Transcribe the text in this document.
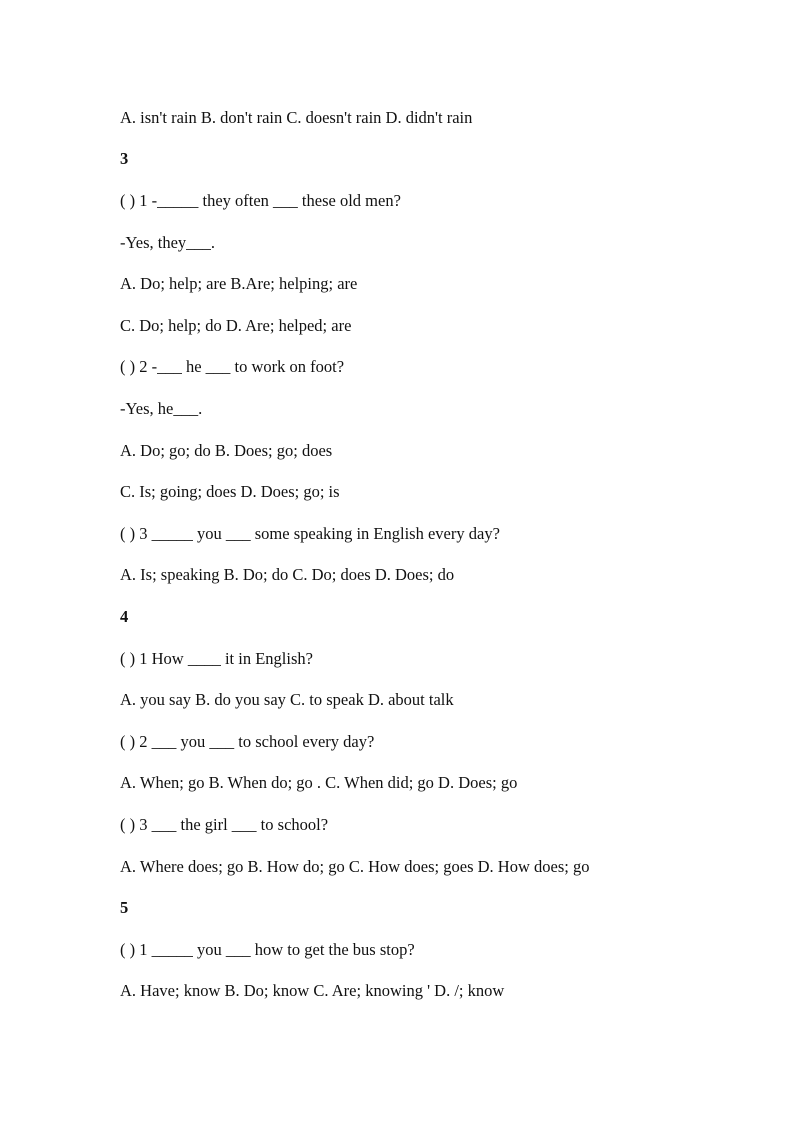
A. isn't rain B. don't rain C. doesn't rain D. didn't rain
3
( ) 1 -_____ they often ___ these old men?
-Yes, they___.
A. Do; help; are B.Are; helping; are
C. Do; help; do D. Are; helped; are
( ) 2 -___ he ___ to work on foot?
-Yes, he___.
A. Do; go; do B. Does; go; does
C. Is; going; does D. Does; go; is
( ) 3 _____ you ___ some speaking in English every day?
A. Is; speaking B. Do; do C. Do; does D. Does; do
4
( ) 1 How ____ it in English?
A. you say B. do you say C. to speak D. about talk
( ) 2 ___ you ___ to school every day?
A. When; go B. When do; go . C. When did; go D. Does; go
( ) 3 ___ the girl ___ to school?
A. Where does; go B. How do; go C. How does; goes D. How does; go
5
( ) 1 _____ you ___ how to get the bus stop?
A. Have; know B. Do; know C. Are; knowing ' D. /; know
